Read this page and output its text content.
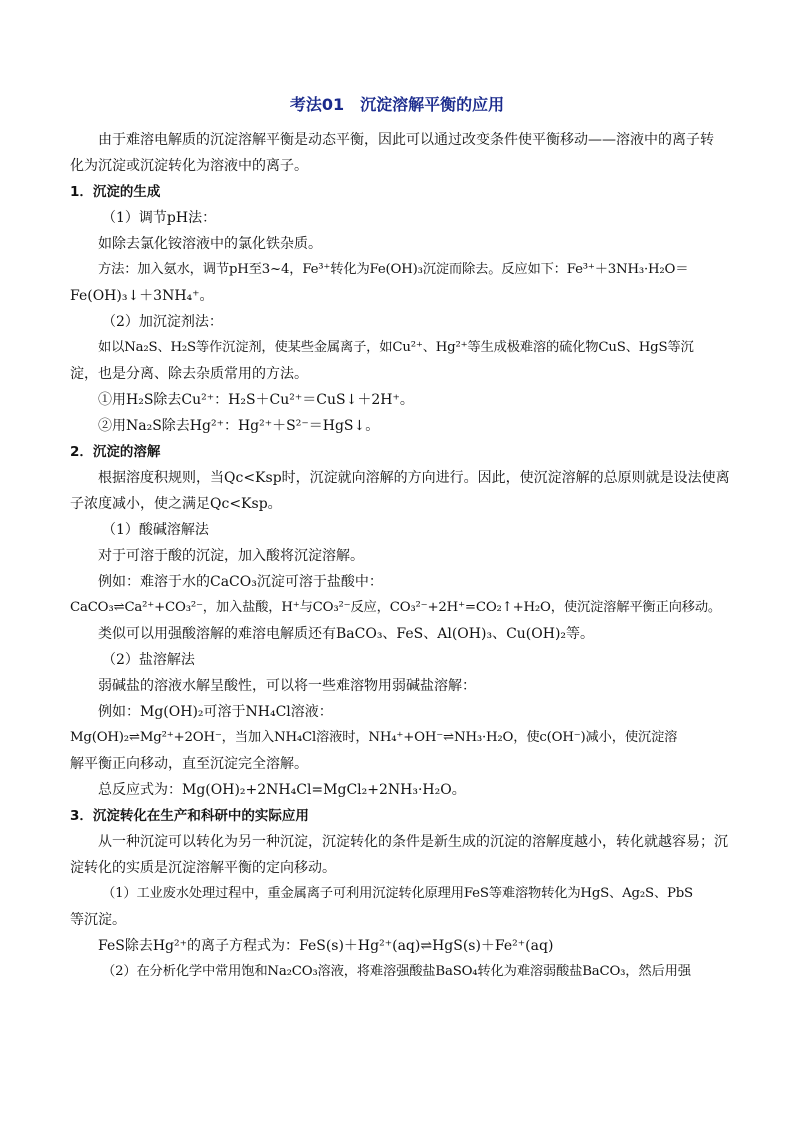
考法01　沉淀溶解平衡的应用
由于难溶电解质的沉淀溶解平衡是动态平衡，因此可以通过改变条件使平衡移动——溶液中的离子转
化为沉淀或沉淀转化为溶液中的离子。
1．沉淀的生成
（1）调节pH法：
如除去氯化铵溶液中的氯化铁杂质。
方法：加入氨水，调节pH至3~4，Fe³⁺转化为Fe(OH)₃沉淀而除去。反应如下：Fe³⁺＋3NH₃·H₂O＝
Fe(OH)₃↓＋3NH₄⁺。
（2）加沉淀剂法：
如以Na₂S、H₂S等作沉淀剂，使某些金属离子，如Cu²⁺、Hg²⁺等生成极难溶的硫化物CuS、HgS等沉
淀，也是分离、除去杂质常用的方法。
①用H₂S除去Cu²⁺：H₂S＋Cu²⁺＝CuS↓＋2H⁺。
②用Na₂S除去Hg²⁺：Hg²⁺＋S²⁻＝HgS↓。
2．沉淀的溶解
根据溶度积规则，当Qc<Ksp时，沉淀就向溶解的方向进行。因此，使沉淀溶解的总原则就是设法使离
子浓度减小，使之满足Qc<Ksp。
（1）酸碱溶解法
对于可溶于酸的沉淀，加入酸将沉淀溶解。
例如：难溶于水的CaCO₃沉淀可溶于盐酸中：
CaCO₃⇌Ca²⁺+CO₃²⁻，加入盐酸，H⁺与CO₃²⁻反应，CO₃²⁻+2H⁺=CO₂↑+H₂O，使沉淀溶解平衡正向移动。
类似可以用强酸溶解的难溶电解质还有BaCO₃、FeS、Al(OH)₃、Cu(OH)₂等。
（2）盐溶解法
弱碱盐的溶液水解呈酸性，可以将一些难溶物用弱碱盐溶解：
例如：Mg(OH)₂可溶于NH₄Cl溶液：
Mg(OH)₂⇌Mg²⁺+2OH⁻，当加入NH₄Cl溶液时，NH₄⁺+OH⁻⇌NH₃·H₂O，使c(OH⁻)减小，使沉淀溶
解平衡正向移动，直至沉淀完全溶解。
总反应式为：Mg(OH)₂+2NH₄Cl=MgCl₂+2NH₃·H₂O。
3．沉淀转化在生产和科研中的实际应用
从一种沉淀可以转化为另一种沉淀，沉淀转化的条件是新生成的沉淀的溶解度越小，转化就越容易；沉
淀转化的实质是沉淀溶解平衡的定向移动。
（1）工业废水处理过程中，重金属离子可利用沉淀转化原理用FeS等难溶物转化为HgS、Ag₂S、PbS
等沉淀。
FeS除去Hg²⁺的离子方程式为：FeS(s)＋Hg²⁺(aq)⇌HgS(s)＋Fe²⁺(aq)
（2）在分析化学中常用饱和Na₂CO₃溶液，将难溶强酸盐BaSO₄转化为难溶弱酸盐BaCO₃，然后用强
